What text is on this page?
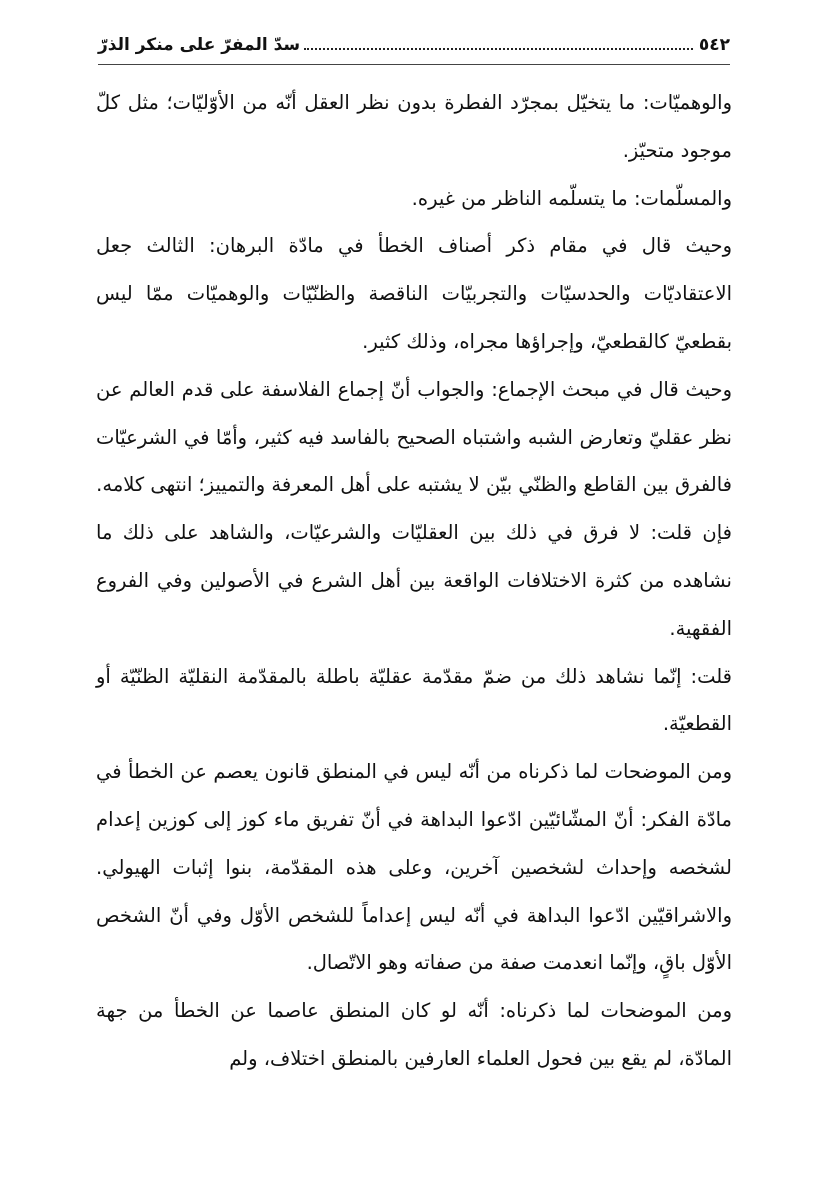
٥٤٢
سدّ المفرّ على منكر الذرّ

والوهميّات: ما يتخيّل بمجرّد الفطرة بدون نظر العقل أنّه من الأوّليّات؛ مثل كلّ موجود متحيّز.

والمسلّمات: ما يتسلّمه الناظر من غيره.

وحيث قال في مقام ذكر أصناف الخطأ في مادّة البرهان: الثالث جعل الاعتقاديّات والحدسيّات والتجربيّات الناقصة والظنّيّات والوهميّات ممّا ليس بقطعيّ كالقطعيّ، وإجراؤها مجراه، وذلك كثير.

وحيث قال في مبحث الإجماع: والجواب أنّ إجماع الفلاسفة على قدم العالم عن نظر عقليّ وتعارض الشبه واشتباه الصحيح بالفاسد فيه كثير، وأمّا في الشرعيّات فالفرق بين القاطع والظنّي بيّن لا يشتبه على أهل المعرفة والتمييز؛ انتهى كلامه.

فإن قلت: لا فرق في ذلك بين العقليّات والشرعيّات، والشاهد على ذلك ما نشاهده من كثرة الاختلافات الواقعة بين أهل الشرع في الأصولين وفي الفروع الفقهية.

قلت: إنّما نشاهد ذلك من ضمّ مقدّمة عقليّة باطلة بالمقدّمة النقليّة الظنّيّة أو القطعيّة.

ومن الموضحات لما ذكرناه من أنّه ليس في المنطق قانون يعصم عن الخطأ في مادّة الفكر: أنّ المشّائيّين ادّعوا البداهة في أنّ تفريق ماء كوز إلى كوزين إعدام لشخصه وإحداث لشخصين آخرين، وعلى هذه المقدّمة، بنوا إثبات الهيولي. والاشراقيّين ادّعوا البداهة في أنّه ليس إعداماً للشخص الأوّل وفي أنّ الشخص الأوّل باقٍ، وإنّما انعدمت صفة من صفاته وهو الاتّصال.

ومن الموضحات لما ذكرناه: أنّه لو كان المنطق عاصما عن الخطأ من جهة المادّة، لم يقع بين فحول العلماء العارفين بالمنطق اختلاف، ولم
